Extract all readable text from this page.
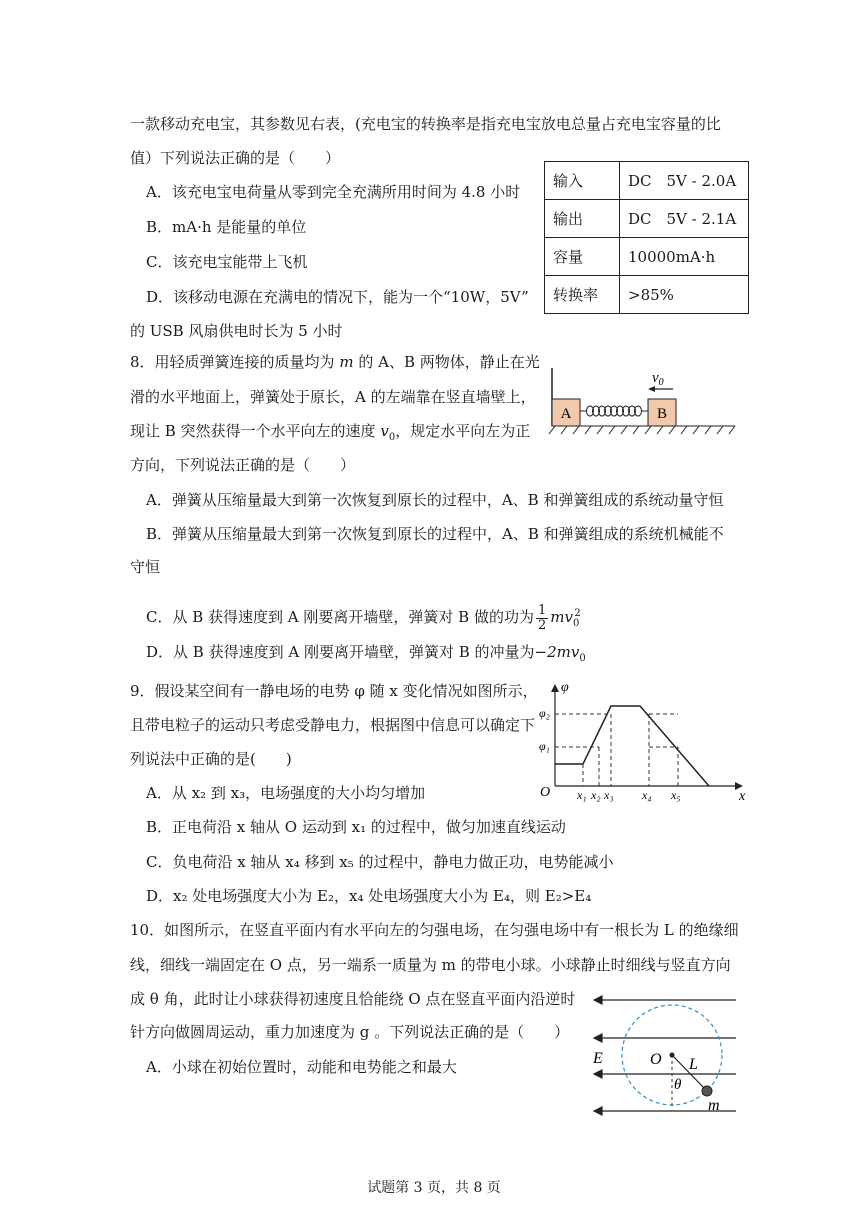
一款移动充电宝，其参数见右表，(充电宝的转换率是指充电宝放电总量占充电宝容量的比
值）下列说法正确的是（　　）
A．该充电宝电荷量从零到完全充满所用时间为 4.8 小时
B．mA·h 是能量的单位
C．该充电宝能带上飞机
D．该移动电源在充满电的情况下，能为一个“10W，5V”
的 USB 风扇供电时长为 5 小时
输入	DC　5V - 2.0A
输出	DC　5V - 2.1A
容量	10000mA·h
转换率	>85%
8．用轻质弹簧连接的质量均为 m 的 A、B 两物体，静止在光
滑的水平地面上，弹簧处于原长，A 的左端靠在竖直墙壁上，
现让 B 突然获得一个水平向左的速度 $v_0$，规定水平向左为正
方向，下列说法正确的是（　　）
A．弹簧从压缩量最大到第一次恢复到原长的过程中，A、B 和弹簧组成的系统动量守恒
B．弹簧从压缩量最大到第一次恢复到原长的过程中，A、B 和弹簧组成的系统机械能不
守恒
C．从 B 获得速度到 A 刚要离开墙壁，弹簧对 B 做的功为 $\frac{1}{2} mv_0^2$
D．从 B 获得速度到 A 刚要离开墙壁，弹簧对 B 的冲量为$-2mv_0$
A	B
$v_0$
9．假设某空间有一静电场的电势 φ 随 x 变化情况如图所示，
且带电粒子的运动只考虑受静电力，根据图中信息可以确定下
列说法中正确的是(　　)
A．从 x₂ 到 x₃，电场强度的大小均匀增加
B．正电荷沿 x 轴从 O 运动到 x₁ 的过程中，做匀加速直线运动
C．负电荷沿 x 轴从 x₄ 移到 x₅ 的过程中，静电力做正功，电势能减小
D．x₂ 处电场强度大小为 E₂，x₄ 处电场强度大小为 E₄，则 E₂>E₄
φ
O	x
φ₂
φ₁
x₁ x₂ x₃ x₄ x₅
10．如图所示，在竖直平面内有水平向左的匀强电场，在匀强电场中有一根长为 L 的绝缘细
线，细线一端固定在 O 点，另一端系一质量为 m 的带电小球。小球静止时细线与竖直方向
成 θ 角，此时让小球获得初速度且恰能绕 O 点在竖直平面内沿逆时
针方向做圆周运动，重力加速度为 g 。下列说法正确的是（　　）
A．小球在初始位置时，动能和电势能之和最大	E	O L
θ
m
试题第 3 页，共 8 页
